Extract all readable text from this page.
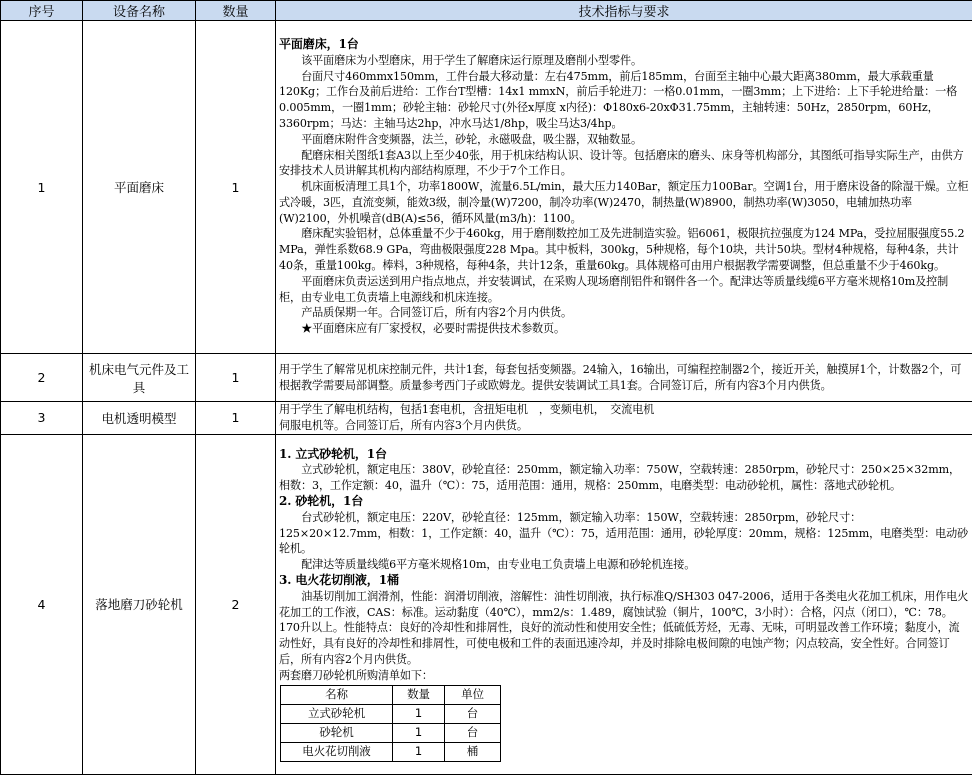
序号	设备名称	数量	技术指标与要求
1	平面磨床	1	

平面磨床，1台

该平面磨床为小型磨床，用于学生了解磨床运行原理及磨削小型零件。

台面尺寸460mmx150mm，工件台最大移动量：左右475mm，前后185mm，台面至主轴中心最大距离380mm，最大承载重量120Kg；工作台及前后进给：工作台T型槽：14x1 mmxN，前后手轮进刀：一格0.01mm，一圈3mm；上下进给：上下手轮进给量：一格0.005mm，一圈1mm；砂轮主轴：砂轮尺寸(外径x厚度 x内径)：Φ180x6-20xΦ31.75mm，主轴转速：50Hz，2850rpm，60Hz，3360rpm；马达：主轴马达2hp，冲水马达1/8hp，吸尘马达3/4hp。

平面磨床附件含变频器，法兰，砂轮，永磁吸盘，吸尘器，双轴数显。

配磨床相关图纸1套A3以上至少40张，用于机床结构认识、设计等。包括磨床的磨头、床身等机构部分，其图纸可指导实际生产，由供方安排技术人员讲解其机构内部结构原理，不少于7个工作日。

机床面板清理工具1个，功率1800W，流量6.5L/min，最大压力140Bar，额定压力100Bar。空调1台，用于磨床设备的除湿干燥。立柜式冷暖，3匹，直流变频，能效3级，制冷量(W)7200，制冷功率(W)2470，制热量(W)8900，制热功率(W)3050，电辅加热功率(W)2100，外机噪音(dB(A)≤56，循环风量(m3/h)：1100。

磨床配实验铝材，总体重量不少于460kg，用于磨削数控加工及先进制造实验。铝6061，极限抗拉强度为124 MPa，受拉屈服强度55.2 MPa，弹性系数68.9 GPa，弯曲极限强度228 Mpa。其中板料，300kg，5种规格，每个10块，共计50块。型材4种规格，每种4条，共计40条，重量100kg。棒料，3种规格，每种4条，共计12条，重量60kg。具体规格可由用户根据教学需要调整，但总重量不少于460kg。

平面磨床负责运送到用户指点地点，并安装调试，在采购人现场磨削铝件和钢件各一个。配津达等质量线缆6平方毫米规格10m及控制柜，由专业电工负责墙上电源线和机床连接。

产品质保期一年。合同签订后，所有内容2个月内供货。

★平面磨床应有厂家授权，必要时需提供技术参数页。

2	机床电气元件及工具	1	

用于学生了解常见机床控制元件，共计1套，每套包括变频器。24输入，16输出，可编程控制器2个，接近开关，触摸屏1个，计数器2个，可根据教学需要局部调整。质量参考西门子或欧姆龙。提供安装调试工具1套。合同签订后，所有内容3个月内供货。

3	电机透明模型	1	

用于学生了解电机结构，包括1套电机，含扭矩电机　，变频电机，　交流电机

伺服电机等。合同签订后，所有内容3个月内供货。

4	落地磨刀砂轮机	2	

1. 立式砂轮机，1台

立式砂轮机，额定电压：380V，砂轮直径：250mm，额定输入功率：750W，空载转速：2850rpm，砂轮尺寸：250×25×32mm，相数：3，工作定额：40，温升（℃）：75，适用范围：通用，规格：250mm，电磨类型：电动砂轮机，属性：落地式砂轮机。

2. 砂轮机，1台

台式砂轮机，额定电压：220V，砂轮直径：125mm，额定输入功率：150W，空载转速：2850rpm，砂轮尺寸：125×20×12.7mm，相数：1，工作定额：40，温升（℃）：75，适用范围：通用，砂轮厚度：20mm，规格：125mm，电磨类型：电动砂轮机。

配津达等质量线缆6平方毫米规格10m，由专业电工负责墙上电源和砂轮机连接。

3. 电火花切削液，1桶

油基切削加工润滑剂，性能：润滑切削液，溶解性：油性切削液，执行标准Q/SH303 047-2006，适用于各类电火花加工机床，用作电火花加工的工作液，CAS：标准。运动黏度（40℃），mm2/s：1.489，腐蚀试验（铜片，100℃，3小时）：合格，闪点（闭口），℃：78。170升以上。性能特点：良好的冷却性和排屑性，良好的流动性和使用安全性；低硫低芳烃，无毒、无味，可明显改善工作环境；黏度小，流动性好，具有良好的冷却性和排屑性，可使电极和工件的表面迅速冷却，并及时排除电极间隙的电蚀产物；闪点较高，安全性好。合同签订后，所有内容2个月内供货。

两套磨刀砂轮机所购清单如下：

名称	数量	单位
立式砂轮机	1	台
砂轮机	1	台
电火花切削液	1	桶
